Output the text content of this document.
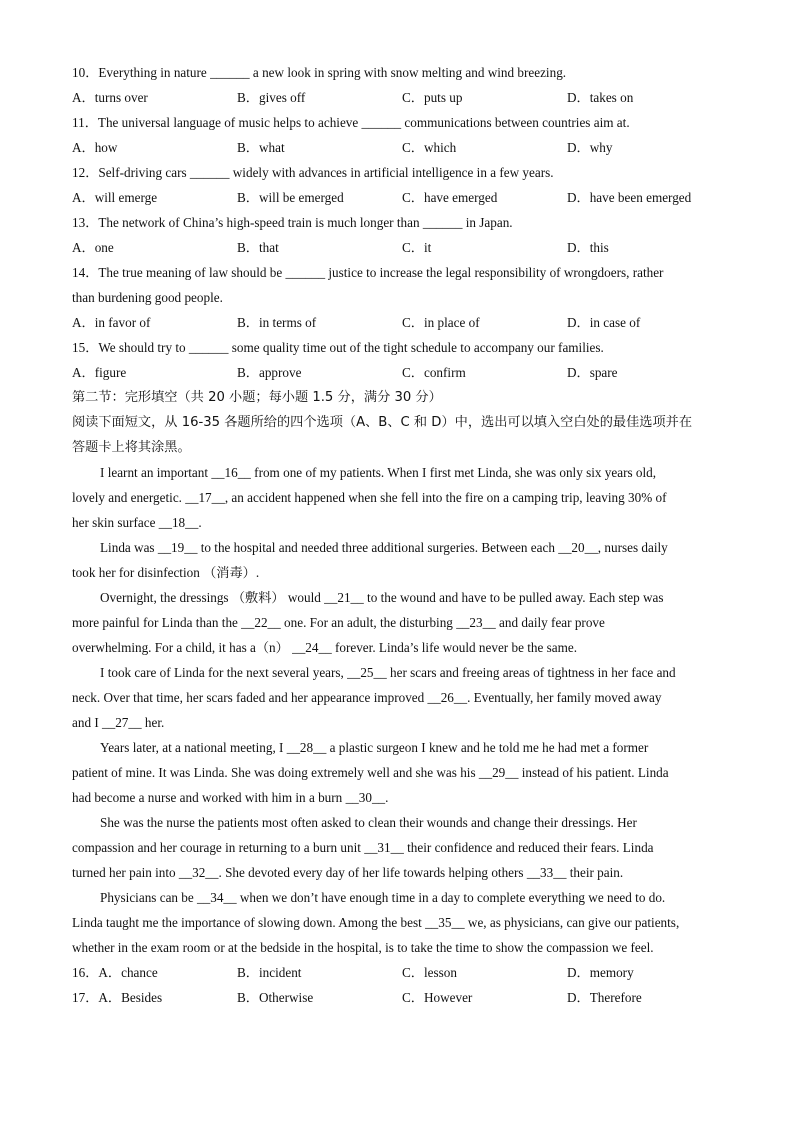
10．Everything in nature ______ a new look in spring with snow melting and wind breezing.
A．turns over	B．gives off	C．puts up	D．takes on
11．The universal language of music helps to achieve ______ communications between countries aim at.
A．how	B．what	C．which	D．why
12．Self-driving cars ______ widely with advances in artificial intelligence in a few years.
A．will emerge	B．will be emerged	C．have emerged	D．have been emerged
13．The network of China’s high-speed train is much longer than ______ in Japan.
A．one	B．that	C．it	D．this
14．The true meaning of law should be ______ justice to increase the legal responsibility of wrongdoers, rather
than burdening good people.
A．in favor of	B．in terms of	C．in place of	D．in case of
15．We should try to ______ some quality time out of the tight schedule to accompany our families.
A．figure	B．approve	C．confirm	D．spare
第二节：完形填空（共 20 小题；每小题 1.5 分，满分 30 分）
阅读下面短文，从 16-35 各题所给的四个选项（A、B、C 和 D）中，选出可以填入空白处的最佳选项并在
答题卡上将其涂黑。
I learnt an important __16__ from one of my patients. When I first met Linda, she was only six years old,
lovely and energetic. __17__, an accident happened when she fell into the fire on a camping trip, leaving 30% of
her skin surface __18__.
Linda was __19__ to the hospital and needed three additional surgeries. Between each __20__, nurses daily
took her for disinfection （消毒）.
Overnight, the dressings （敷料） would __21__ to the wound and have to be pulled away. Each step was
more painful for Linda than the __22__ one. For an adult, the disturbing __23__ and daily fear prove
overwhelming. For a child, it has a（n） __24__ forever. Linda’s life would never be the same.
I took care of Linda for the next several years, __25__ her scars and freeing areas of tightness in her face and
neck. Over that time, her scars faded and her appearance improved __26__. Eventually, her family moved away
and I __27__ her.
Years later, at a national meeting, I __28__ a plastic surgeon I knew and he told me he had met a former
patient of mine. It was Linda. She was doing extremely well and she was his __29__ instead of his patient. Linda
had become a nurse and worked with him in a burn __30__.
She was the nurse the patients most often asked to clean their wounds and change their dressings. Her
compassion and her courage in returning to a burn unit __31__ their confidence and reduced their fears. Linda
turned her pain into __32__. She devoted every day of her life towards helping others __33__ their pain.
Physicians can be __34__ when we don’t have enough time in a day to complete everything we need to do.
Linda taught me the importance of slowing down. Among the best __35__ we, as physicians, can give our patients,
whether in the exam room or at the bedside in the hospital, is to take the time to show the compassion we feel.
16．A．chance	B．incident	C．lesson	D．memory
17．A．Besides	B．Otherwise	C．However	D．Therefore
